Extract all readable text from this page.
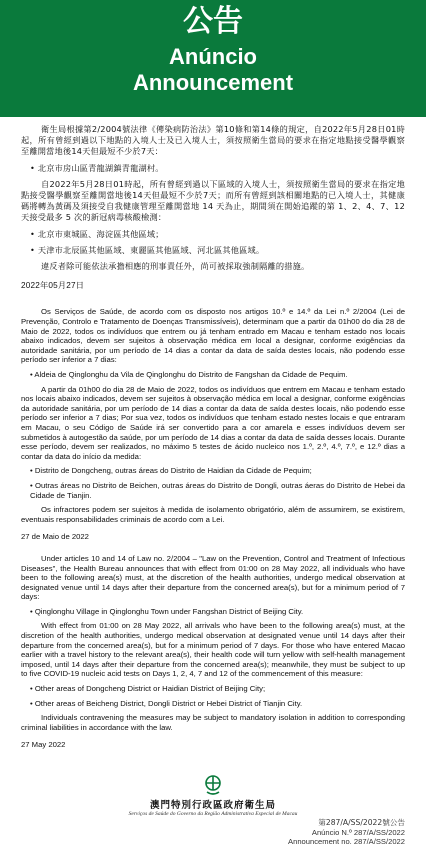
公告
Anúncio
Announcement

衛生局根據第2/2004號法律《傳染病防治法》第10條和第14條的規定，自2022年5月28日01時起，所有曾經到過以下地點的入境人士及已入境人士，須按照衛生當局的要求在指定地點接受醫學觀察至離開當地後14天但最短不少於7天：

• 北京市房山區青龍湖鎮青龍湖村。

自2022年5月28日01時起，所有曾經到過以下區域的入境人士，須按照衛生當局的要求在指定地點接受醫學觀察至離開當地後14天但最短不少於7天；而所有曾經到該相關地點的已入境人士，其健康碼將轉為黃碼及須接受自我健康管理至離開當地 14 天為止，期間須在開始追蹤的第 1、2、4、7、12 天接受最多 5 次的新冠病毒核酸檢測：

• 北京市東城區、海淀區其他區域；

• 天津市北辰區其他區域、東麗區其他區域、河北區其他區域。

違反者除可能依法承擔相應的刑事責任外，尚可被採取強制隔離的措施。

2022年05月27日

Os Serviços de Saúde, de acordo com os disposto nos artigos 10.º e 14.º da Lei n.º 2/2004 (Lei de Prevenção, Controlo e Tratamento de Doenças Transmissíveis), determinam que a partir da 01h00 do dia 28 de Maio de 2022, todos os indivíduos que entrem ou já tenham entrado em Macau e tenham estado nos locais abaixo indicados, devem ser sujeitos à observação médica em local a designar, conforme exigências da autoridade sanitária, por um período de 14 dias a contar da data de saída destes locais, não podendo esse período ser inferior a 7 dias:

• Aldeia de Qinglonghu da Vila de Qinglonghu do Distrito de Fangshan da Cidade de Pequim.

A partir da 01h00 do dia 28 de Maio de 2022, todos os indivíduos que entrem em Macau e tenham estado nos locais abaixo indicados, devem ser sujeitos à observação médica em local a designar, conforme exigências da autoridade sanitária, por um período de 14 dias a contar da data de saída destes locais, não podendo esse período ser inferior a 7 dias; Por sua vez, todos os indivíduos que tenham estado nestes locais e que entraram em Macau, o seu Código de Saúde irá ser convertido para a cor amarela e esses indivíduos devem ser submetidos à autogestão da saúde, por um período de 14 dias a contar da data de saída desses locais. Durante esse período, devem ser realizados, no máximo 5 testes de ácido nucleico nos 1.º, 2.º, 4.º, 7.º, e 12.º dias a contar da data do início da medida:

• Distrito de Dongcheng, outras áreas do Distrito de Haidian da Cidade de Pequim;

• Outras áreas no Distrito de Beichen, outras áreas do Distrito de Dongli, outras áeras do Distrito de Hebei da Cidade de Tianjin.

Os infractores podem ser sujeitos à medida de isolamento obrigatório, além de assumirem, se existirem, eventuais responsabilidades criminais de acordo com a Lei.

27 de Maio de 2022

Under articles 10 and 14 of Law no. 2/2004 – "Law on the Prevention, Control and Treatment of Infectious Diseases", the Health Bureau announces that with effect from 01:00 on 28 May 2022, all individuals who have been to the following area(s) must, at the discretion of the health authorities, undergo medical observation at designated venue until 14 days after their departure from the concerned area(s), but for a minimum period of 7 days:

• Qinglonghu Village in Qinglonghu Town under Fangshan District of Beijing City.

With effect from 01:00 on 28 May 2022, all arrivals who have been to the following area(s) must, at the discretion of the health authorities, undergo medical observation at designated venue until 14 days after their departure from the concerned area(s), but for a minimum period of 7 days. For those who have entered Macao earlier with a travel history to the relevant area(s), their health code will turn yellow with self-health management imposed, until 14 days after their departure from the concerned area(s); meanwhile, they must be subject to up to five COVID-19 nucleic acid tests on Days 1, 2, 4, 7 and 12 of the commencement of this measure:

• Other areas of Dongcheng District or Haidian District of Beijing City;

• Other areas of Beicheng District, Dongli District or Hebei District of Tianjin City.

Individuals contravening the measures may be subject to mandatory isolation in addition to corresponding criminal liabilities in accordance with the law.

27 May 2022

澳門特別行政區政府衛生局
Serviços de Saúde do Governo da Região Administrativa Especial de Macau
第287/A/SS/2022號公告
Anúncio N.º 287/A/SS/2022
Announcement no. 287/A/SS/2022
